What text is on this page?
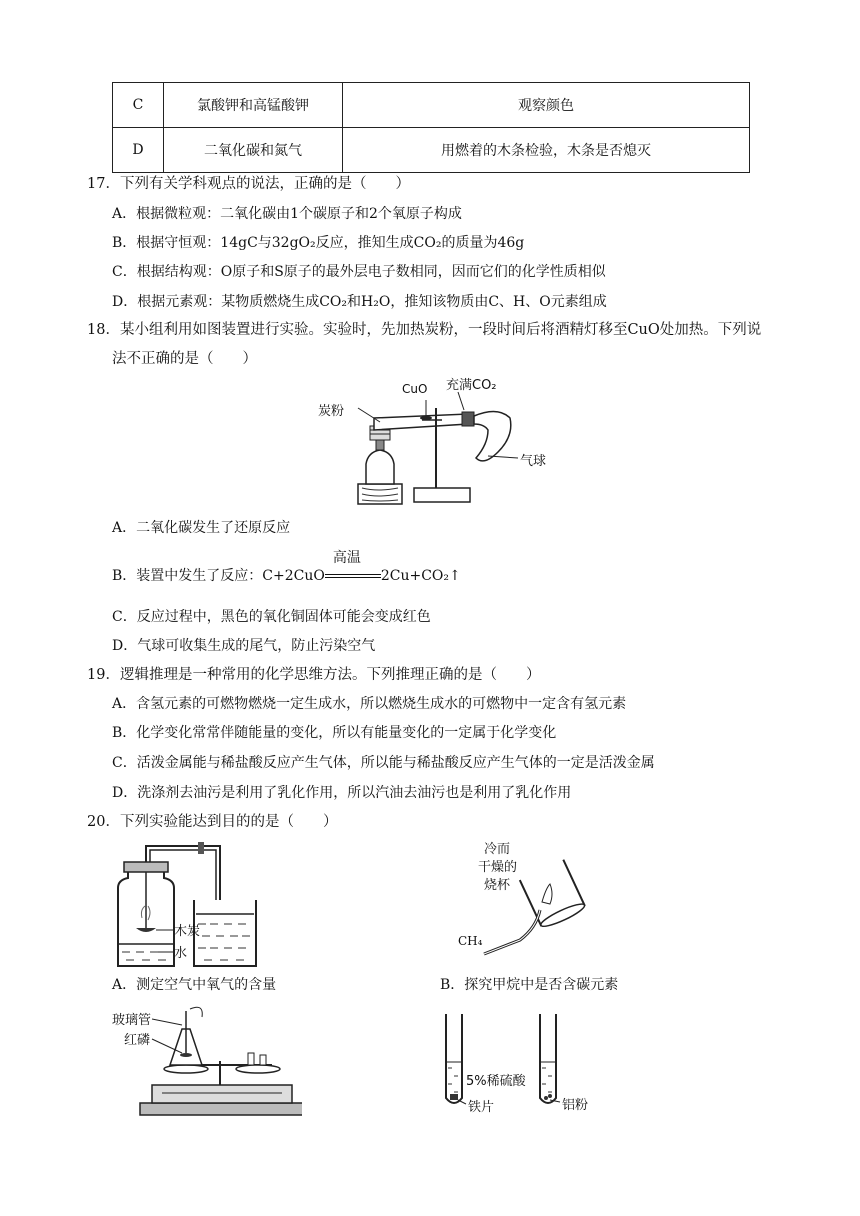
C	氯酸钾和高锰酸钾	观察颜色
D	二氧化碳和氮气	用燃着的木条检验，木条是否熄灭
17．下列有关学科观点的说法，正确的是（　　）
A．根据微粒观：二氧化碳由1个碳原子和2个氧原子构成
B．根据守恒观：14gC与32gO₂反应，推知生成CO₂的质量为46g
C．根据结构观：O原子和S原子的最外层电子数相同，因而它们的化学性质相似
D．根据元素观：某物质燃烧生成CO₂和H₂O，推知该物质由C、H、O元素组成
18．某小组利用如图装置进行实验。实验时，先加热炭粉，一段时间后将酒精灯移至CuO处加热。下列说
法不正确的是（　　）
CuO 充满CO₂
炭粉
气球
A．二氧化碳发生了还原反应
B．装置中发生了反应：C+2CuO
高温
2Cu+CO₂↑
C．反应过程中，黑色的氧化铜固体可能会变成红色
D．气球可收集生成的尾气，防止污染空气
19．逻辑推理是一种常用的化学思维方法。下列推理正确的是（　　）
A．含氢元素的可燃物燃烧一定生成水，所以燃烧生成水的可燃物中一定含有氢元素
B．化学变化常常伴随能量的变化，所以有能量变化的一定属于化学变化
C．活泼金属能与稀盐酸反应产生气体，所以能与稀盐酸反应产生气体的一定是活泼金属
D．洗涤剂去油污是利用了乳化作用，所以汽油去油污也是利用了乳化作用
20．下列实验能达到目的的是（　　）
木炭
水
A．测定空气中氧气的含量
冷而
干燥的
烧杯
CH₄
B．探究甲烷中是否含碳元素
玻璃管
红磷
5%稀硫酸
铁片	铝粉
